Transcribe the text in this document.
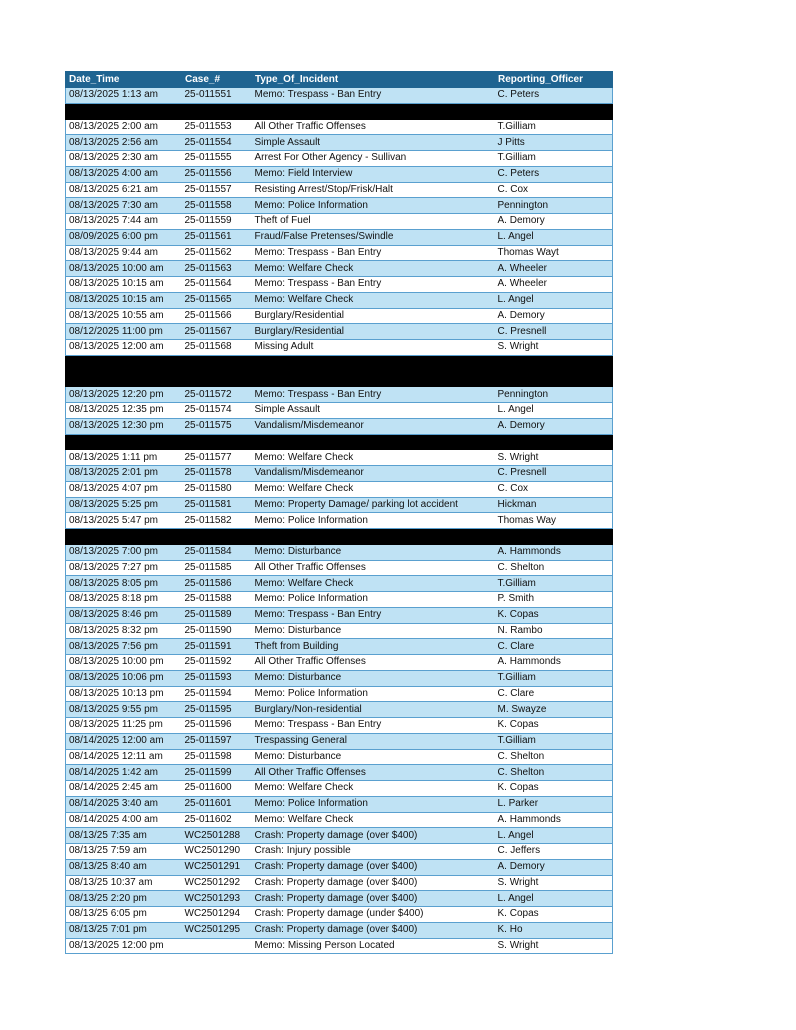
Date_Time	Case_#	Type_Of_Incident	Reporting_Officer
08/13/2025 1:13 am	25-011551	Memo: Trespass - Ban Entry	C. Peters

08/13/2025 2:00 am	25-011553	All Other Traffic Offenses	T.Gilliam
08/13/2025 2:56 am	25-011554	Simple Assault	J Pitts
08/13/2025 2:30 am	25-011555	Arrest For Other Agency - Sullivan	T.Gilliam
08/13/2025 4:00 am	25-011556	Memo: Field Interview	C. Peters
08/13/2025 6:21 am	25-011557	Resisting Arrest/Stop/Frisk/Halt	C. Cox
08/13/2025 7:30 am	25-011558	Memo: Police Information	Pennington
08/13/2025 7:44 am	25-011559	Theft of Fuel	A. Demory
08/09/2025 6:00 pm	25-011561	Fraud/False Pretenses/Swindle	L. Angel
08/13/2025 9:44 am	25-011562	Memo: Trespass - Ban Entry	Thomas Wayt
08/13/2025 10:00 am	25-011563	Memo: Welfare Check	A. Wheeler
08/13/2025 10:15 am	25-011564	Memo: Trespass - Ban Entry	A. Wheeler
08/13/2025 10:15 am	25-011565	Memo: Welfare Check	L. Angel
08/13/2025 10:55 am	25-011566	Burglary/Residential	A. Demory
08/12/2025 11:00 pm	25-011567	Burglary/Residential	C. Presnell
08/13/2025 12:00 am	25-011568	Missing Adult	S. Wright

08/13/2025 12:20 pm	25-011572	Memo: Trespass - Ban Entry	Pennington
08/13/2025 12:35 pm	25-011574	Simple Assault	L. Angel
08/13/2025 12:30 pm	25-011575	Vandalism/Misdemeanor	A. Demory

08/13/2025 1:11 pm	25-011577	Memo: Welfare Check	S. Wright
08/13/2025 2:01 pm	25-011578	Vandalism/Misdemeanor	C. Presnell
08/13/2025 4:07 pm	25-011580	Memo: Welfare Check	C. Cox
08/13/2025 5:25 pm	25-011581	Memo: Property Damage/ parking lot accident	Hickman
08/13/2025 5:47 pm	25-011582	Memo: Police Information	Thomas Way

08/13/2025 7:00 pm	25-011584	Memo: Disturbance	A. Hammonds
08/13/2025 7:27 pm	25-011585	All Other Traffic Offenses	C. Shelton
08/13/2025 8:05 pm	25-011586	Memo: Welfare Check	T.Gilliam
08/13/2025 8:18 pm	25-011588	Memo: Police Information	P. Smith
08/13/2025 8:46 pm	25-011589	Memo: Trespass - Ban Entry	K. Copas
08/13/2025 8:32 pm	25-011590	Memo: Disturbance	N. Rambo
08/13/2025 7:56 pm	25-011591	Theft from Building	C. Clare
08/13/2025 10:00 pm	25-011592	All Other Traffic Offenses	A. Hammonds
08/13/2025 10:06 pm	25-011593	Memo: Disturbance	T.Gilliam
08/13/2025 10:13 pm	25-011594	Memo: Police Information	C. Clare
08/13/2025 9:55 pm	25-011595	Burglary/Non-residential	M. Swayze
08/13/2025 11:25 pm	25-011596	Memo: Trespass - Ban Entry	K. Copas
08/14/2025 12:00 am	25-011597	Trespassing General	T.Gilliam
08/14/2025 12:11 am	25-011598	Memo: Disturbance	C. Shelton
08/14/2025 1:42 am	25-011599	All Other Traffic Offenses	C. Shelton
08/14/2025 2:45 am	25-011600	Memo: Welfare Check	K. Copas
08/14/2025 3:40 am	25-011601	Memo: Police Information	L. Parker
08/14/2025 4:00 am	25-011602	Memo: Welfare Check	A. Hammonds
08/13/25 7:35 am	WC2501288	Crash: Property damage (over $400)	L. Angel
08/13/25 7:59 am	WC2501290	Crash: Injury possible	C. Jeffers
08/13/25 8:40 am	WC2501291	Crash: Property damage (over $400)	A. Demory
08/13/25 10:37 am	WC2501292	Crash: Property damage (over $400)	S. Wright
08/13/25 2:20 pm	WC2501293	Crash: Property damage (over $400)	L. Angel
08/13/25 6:05 pm	WC2501294	Crash: Property damage (under $400)	K. Copas
08/13/25 7:01 pm	WC2501295	Crash: Property damage (over $400)	K. Ho
08/13/2025 12:00 pm		Memo: Missing Person Located	S. Wright
